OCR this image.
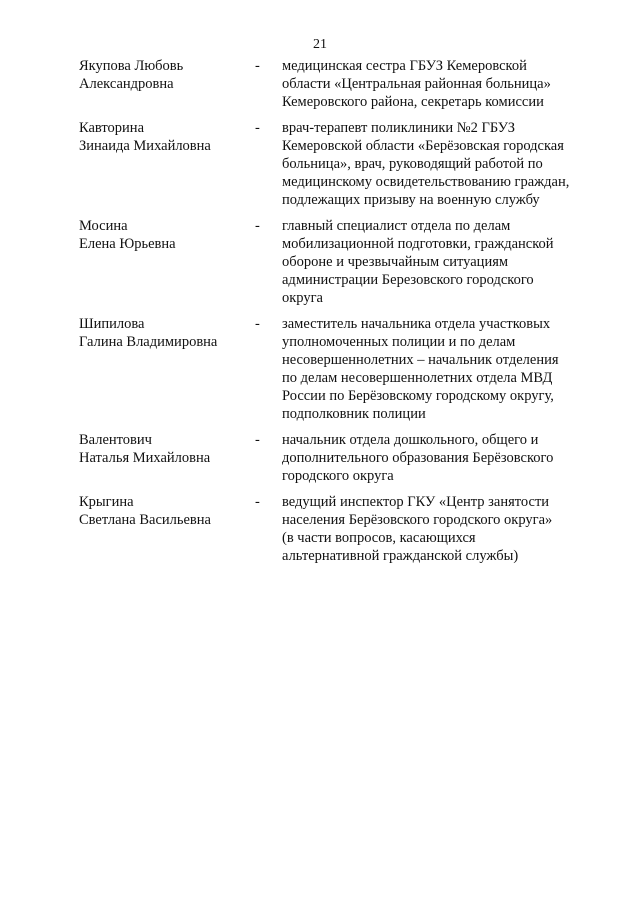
21
Якупова Любовь
Александровна
-	медицинская сестра ГБУЗ Кемеровской
области «Центральная районная больница»
Кемеровского района, секретарь комиссии
Кавторина
Зинаида Михайловна
-	врач-терапевт поликлиники №2 ГБУЗ
Кемеровской области «Берёзовская городская
больница», врач, руководящий работой по
медицинскому освидетельствованию граждан,
подлежащих призыву на военную службу
Мосина
Елена Юрьевна
-	главный специалист отдела по делам
мобилизационной подготовки, гражданской
обороне и чрезвычайным ситуациям
администрации Березовского городского
округа
Шипилова
Галина Владимировна
-	заместитель начальника отдела участковых
уполномоченных полиции и по делам
несовершеннолетних – начальник отделения
по делам несовершеннолетних отдела МВД
России по Берёзовскому городскому округу,
подполковник полиции
Валентович
Наталья Михайловна
-	начальник отдела дошкольного, общего и
дополнительного образования Берёзовского
городского округа
Крыгина
Светлана Васильевна
-	ведущий инспектор ГКУ «Центр занятости
населения Берёзовского городского округа»
(в части вопросов, касающихся
альтернативной гражданской службы)
